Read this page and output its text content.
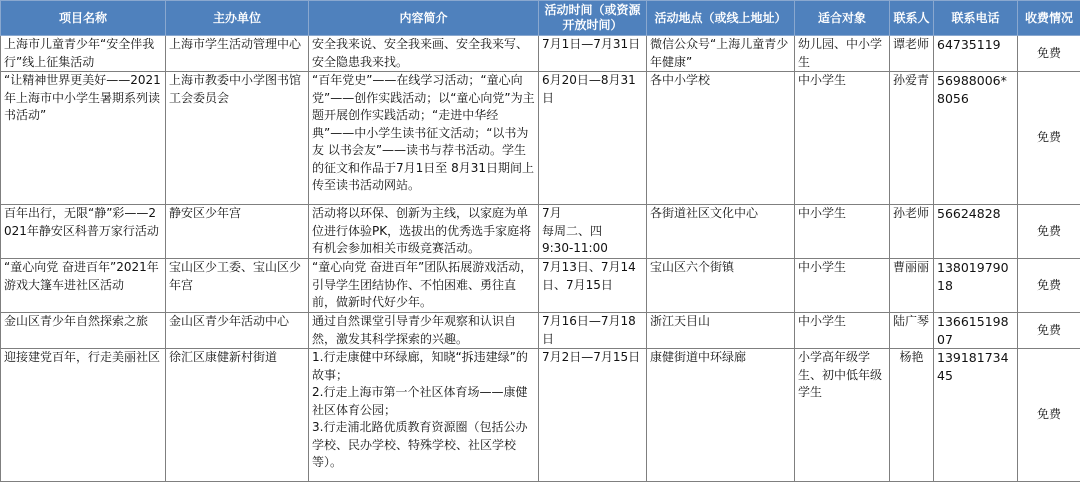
项目名称	主办单位	内容简介	活动时间（或资源开放时间）	活动地点（或线上地址）	适合对象	联系人	联系电话	收费情况
上海市儿童青少年“安全伴我行”线上征集活动	上海市学生活动管理中心	安全我来说、安全我来画、安全我来写、安全隐患我来找。	7月1日—7月31日	微信公众号“上海儿童青少年健康”	幼儿园、中小学生	谭老师	64735119	免费
“让精神世界更美好——2021年上海市中小学生暑期系列读书活动”	上海市教委中小学图书馆工会委员会	“百年党史”——在线学习活动；“童心向党”——创作实践活动；以“童心向党”为主题开展创作实践活动；“走进中华经典”——中小学生读书征文活动；“以书为友 以书会友”——读书与荐书活动。学生的征文和作品于7月1日至 8月31日期间上传至读书活动网站。	6月20日—8月31日	各中小学校	中小学生	孙爱青	56988006*8056	免费
百年出行，无限“静”彩——2021年静安区科普万家行活动	静安区少年宫	活动将以环保、创新为主线，以家庭为单位进行体验PK，选拔出的优秀选手家庭将有机会参加相关市级竞赛活动。	7月
每周二、四
9:30-11:00	各街道社区文化中心	中小学生	孙老师	56624828	免费
“童心向党 奋进百年”2021年游戏大篷车进社区活动	宝山区少工委、宝山区少年宫	“童心向党 奋进百年”团队拓展游戏活动，引导学生团结协作、不怕困难、勇往直前，做新时代好少年。	7月13日、7月14日、7月15日	宝山区六个街镇	中小学生	曹丽丽	13801979018	免费
金山区青少年自然探索之旅	金山区青少年活动中心	通过自然课堂引导青少年观察和认识自然，激发其科学探索的兴趣。	7月16日—7月18日	浙江天目山	中小学生	陆广琴	13661519807	免费
迎接建党百年，行走美丽社区	徐汇区康健新村街道	1.行走康健中环绿廊，知晓“拆违建绿”的故事；
2.行走上海市第一个社区体育场——康健社区体育公园；
3.行走浦北路优质教育资源圈（包括公办学校、民办学校、特殊学校、社区学校等）。	7月2日—7月15日	康健街道中环绿廊	小学高年级学生、初中低年级学生	杨艳	13918173445	免费
